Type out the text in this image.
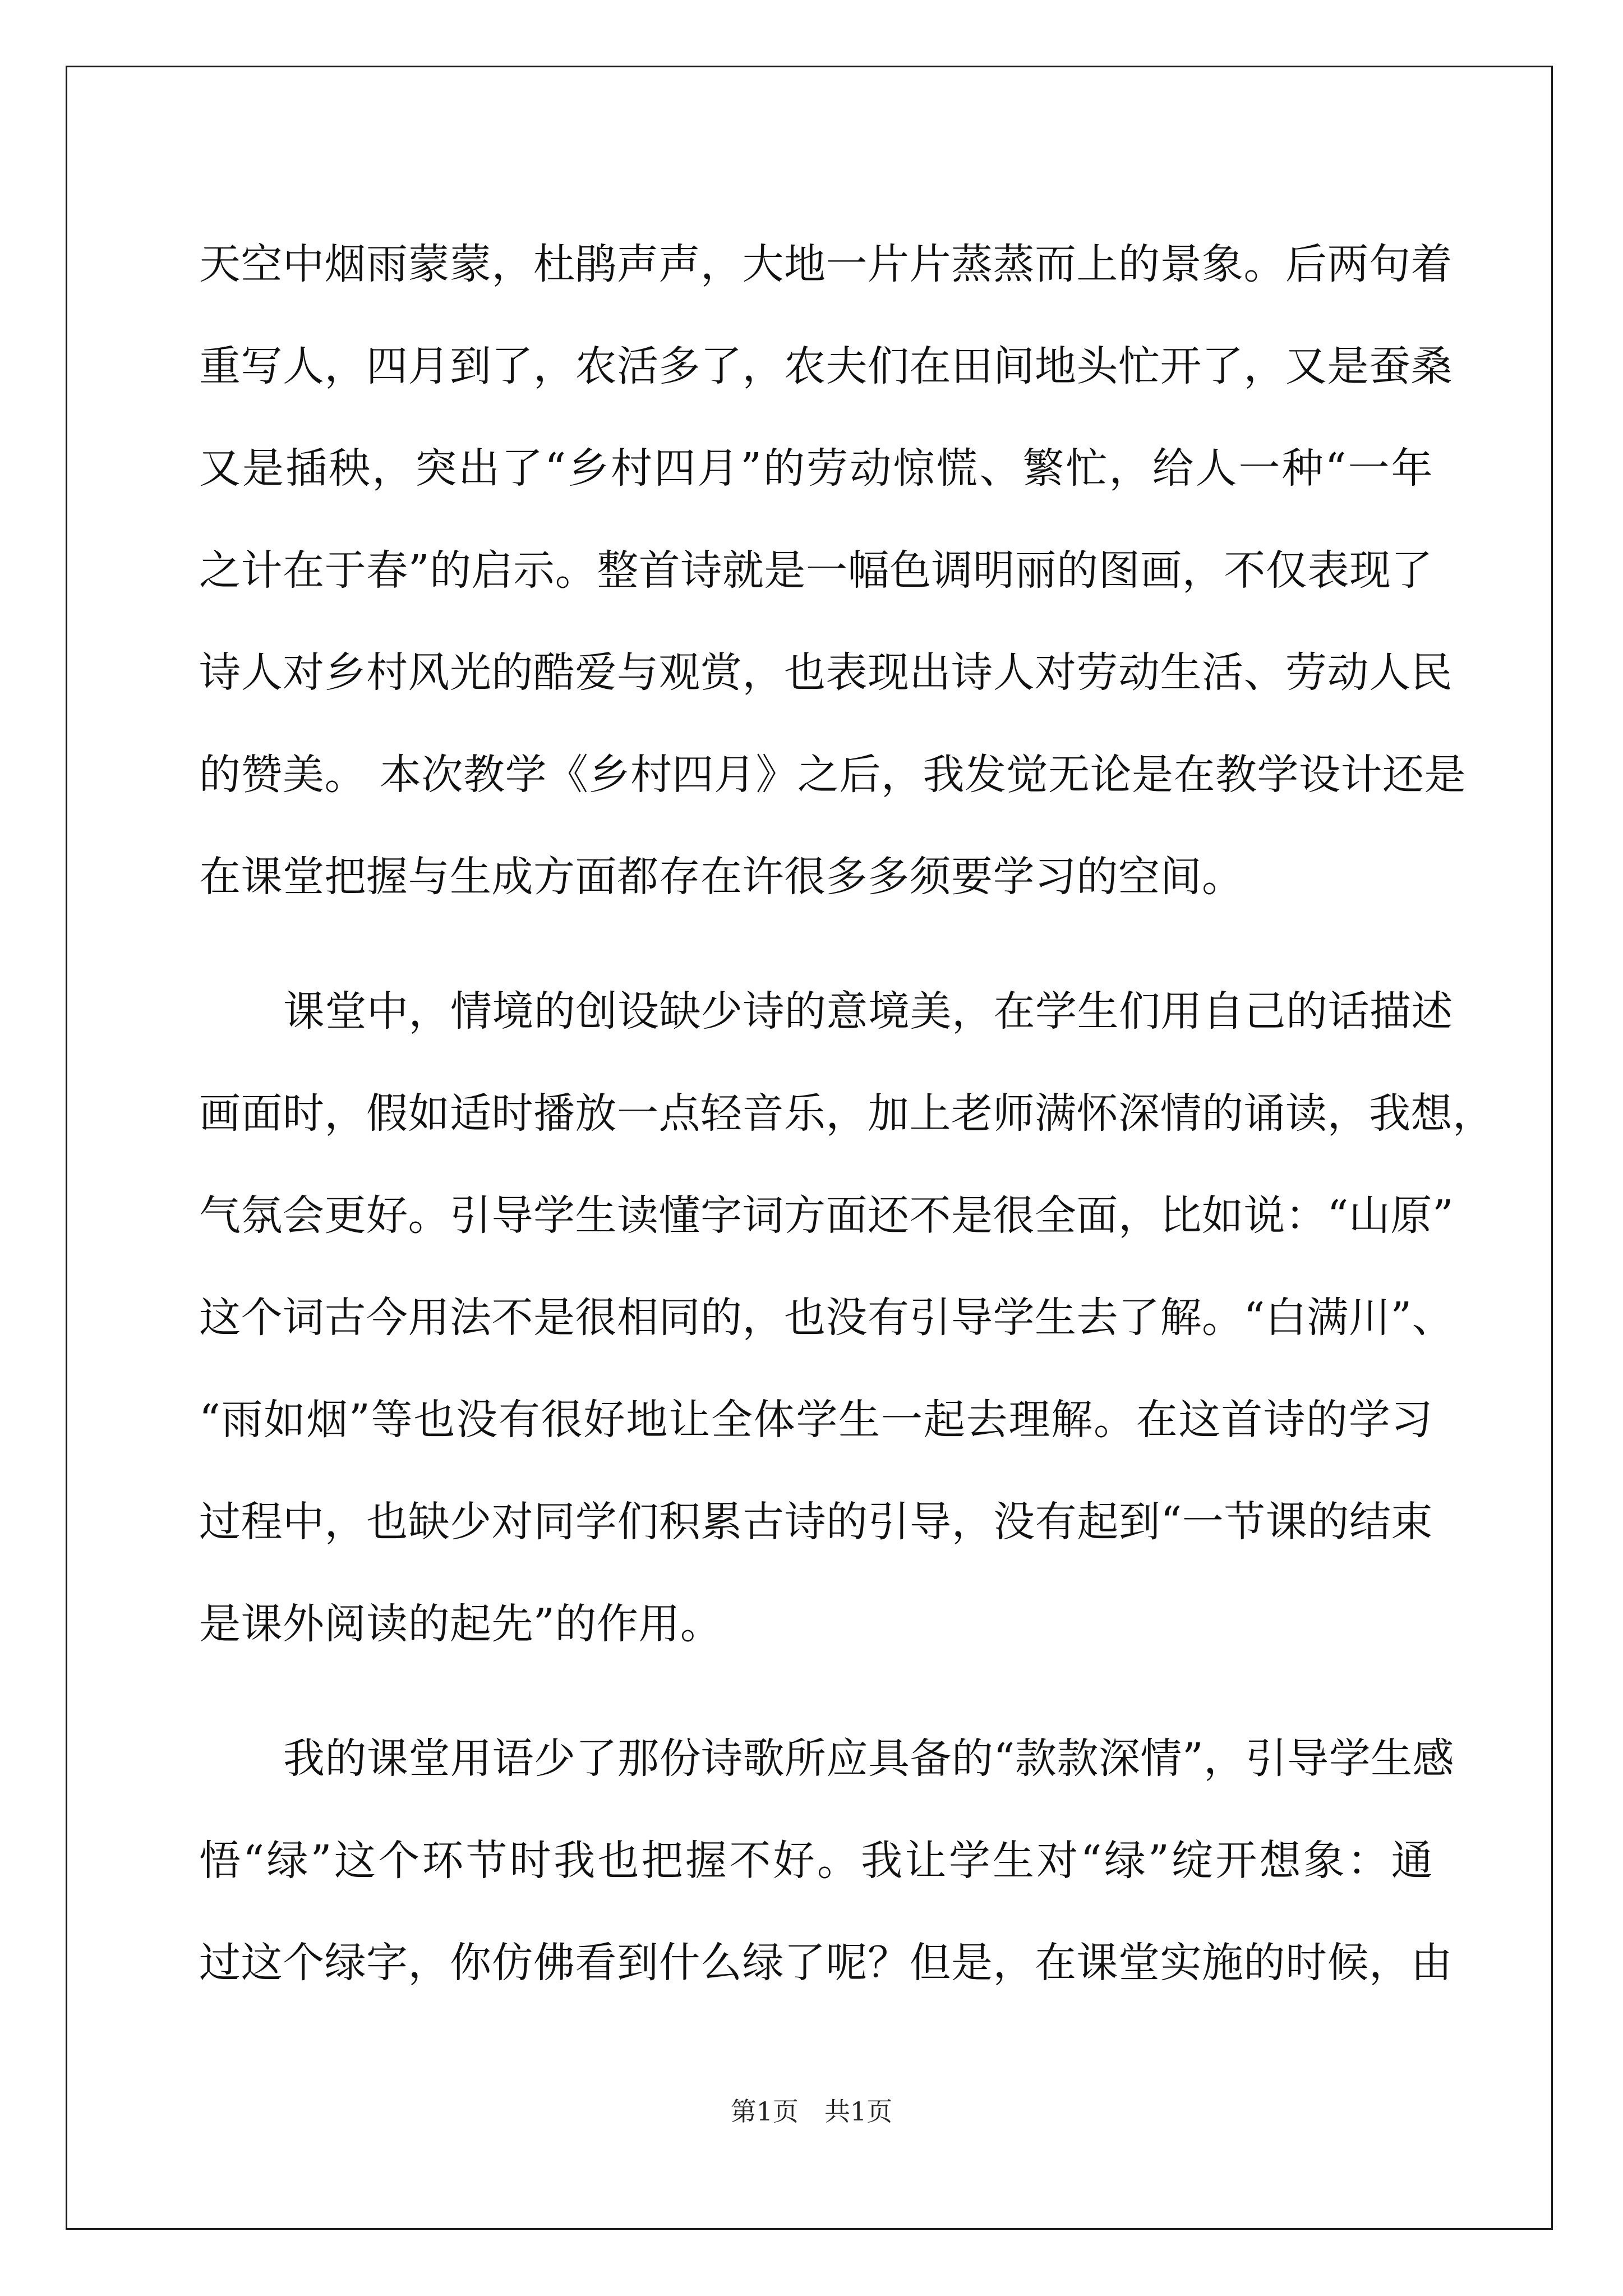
天空中烟雨蒙蒙，杜鹃声声，大地一片片蒸蒸而上的景象。后两句着
重写人，四月到了，农活多了，农夫们在田间地头忙开了，又是蚕桑
又是插秧，突出了“乡村四月”的劳动惊慌、繁忙，给人一种“一年
之计在于春”的启示。整首诗就是一幅色调明丽的图画，不仅表现了
诗人对乡村风光的酷爱与观赏，也表现出诗人对劳动生活、劳动人民
的赞美。 本次教学《乡村四月》之后，我发觉无论是在教学设计还是
在课堂把握与生成方面都存在许很多多须要学习的空间。
课堂中，情境的创设缺少诗的意境美，在学生们用自己的话描述
画面时，假如适时播放一点轻音乐，加上老师满怀深情的诵读，我想，
气氛会更好。引导学生读懂字词方面还不是很全面，比如说：“山原”
这个词古今用法不是很相同的，也没有引导学生去了解。“白满川”、
“雨如烟”等也没有很好地让全体学生一起去理解。在这首诗的学习
过程中，也缺少对同学们积累古诗的引导，没有起到“一节课的结束
是课外阅读的起先”的作用。
我的课堂用语少了那份诗歌所应具备的“款款深情”，引导学生感
悟“绿”这个环节时我也把握不好。我让学生对“绿”绽开想象：通
过这个绿字，你仿佛看到什么绿了呢？但是，在课堂实施的时候，由
第1页 共1页
